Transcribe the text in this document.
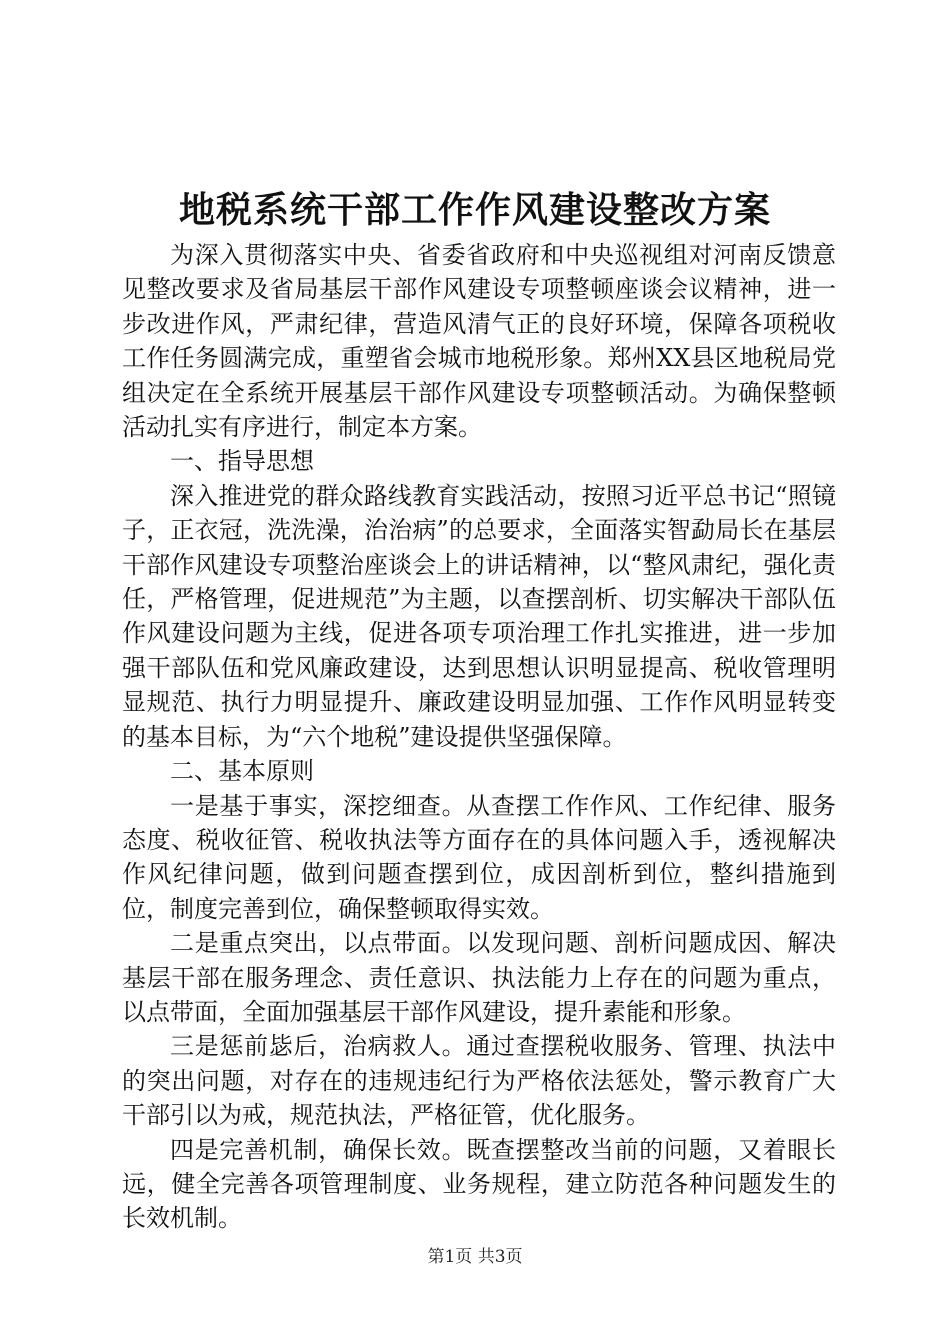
地税系统干部工作作风建设整改方案

为深入贯彻落实中央、省委省政府和中央巡视组对河南反馈意见整改要求及省局基层干部作风建设专项整顿座谈会议精神，进一步改进作风，严肃纪律，营造风清气正的良好环境，保障各项税收工作任务圆满完成，重塑省会城市地税形象。郑州XX县区地税局党组决定在全系统开展基层干部作风建设专项整顿活动。为确保整顿活动扎实有序进行，制定本方案。

一、指导思想

深入推进党的群众路线教育实践活动，按照习近平总书记“照镜子，正衣冠，洗洗澡，治治病”的总要求，全面落实智勐局长在基层干部作风建设专项整治座谈会上的讲话精神，以“整风肃纪，强化责任，严格管理，促进规范”为主题，以查摆剖析、切实解决干部队伍作风建设问题为主线，促进各项专项治理工作扎实推进，进一步加强干部队伍和党风廉政建设，达到思想认识明显提高、税收管理明显规范、执行力明显提升、廉政建设明显加强、工作作风明显转变的基本目标，为“六个地税”建设提供坚强保障。

二、基本原则

一是基于事实，深挖细查。从查摆工作作风、工作纪律、服务态度、税收征管、税收执法等方面存在的具体问题入手，透视解决作风纪律问题，做到问题查摆到位，成因剖析到位，整纠措施到位，制度完善到位，确保整顿取得实效。

二是重点突出，以点带面。以发现问题、剖析问题成因、解决基层干部在服务理念、责任意识、执法能力上存在的问题为重点，以点带面，全面加强基层干部作风建设，提升素能和形象。

三是惩前毖后，治病救人。通过查摆税收服务、管理、执法中的突出问题，对存在的违规违纪行为严格依法惩处，警示教育广大干部引以为戒，规范执法，严格征管，优化服务。

四是完善机制，确保长效。既查摆整改当前的问题，又着眼长远，健全完善各项管理制度、业务规程，建立防范各种问题发生的长效机制。

第1页 共3页
